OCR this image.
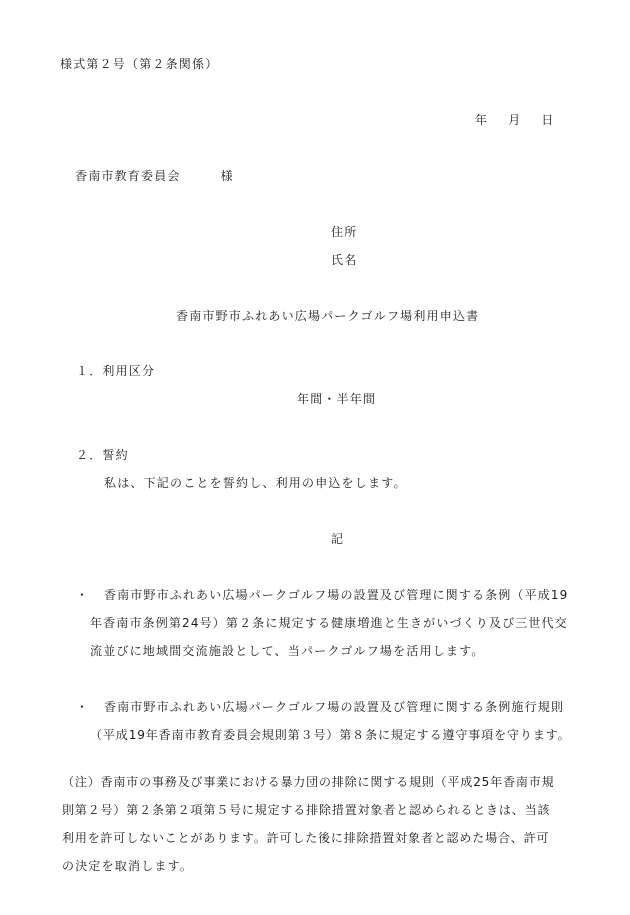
様式第２号（第２条関係）
年 月 日
香南市教育委員会	様
住所
氏名
香南市野市ふれあい広場パークゴルフ場利用申込書
１．利用区分
年間・半年間
２．誓約
私は、下記のことを誓約し、利用の申込をします。
記
・ 香南市野市ふれあい広場パークゴルフ場の設置及び管理に関する条例（平成19
年香南市条例第24号）第２条に規定する健康増進と生きがいづくり及び三世代交
流並びに地域間交流施設として、当パークゴルフ場を活用します。
・ 香南市野市ふれあい広場パークゴルフ場の設置及び管理に関する条例施行規則
（平成19年香南市教育委員会規則第３号）第８条に規定する遵守事項を守ります。
（注）香南市の事務及び事業における暴力団の排除に関する規則（平成25年香南市規
則第２号）第２条第２項第５号に規定する排除措置対象者と認められるときは、当該
利用を許可しないことがあります。許可した後に排除措置対象者と認めた場合、許可
の決定を取消します。
